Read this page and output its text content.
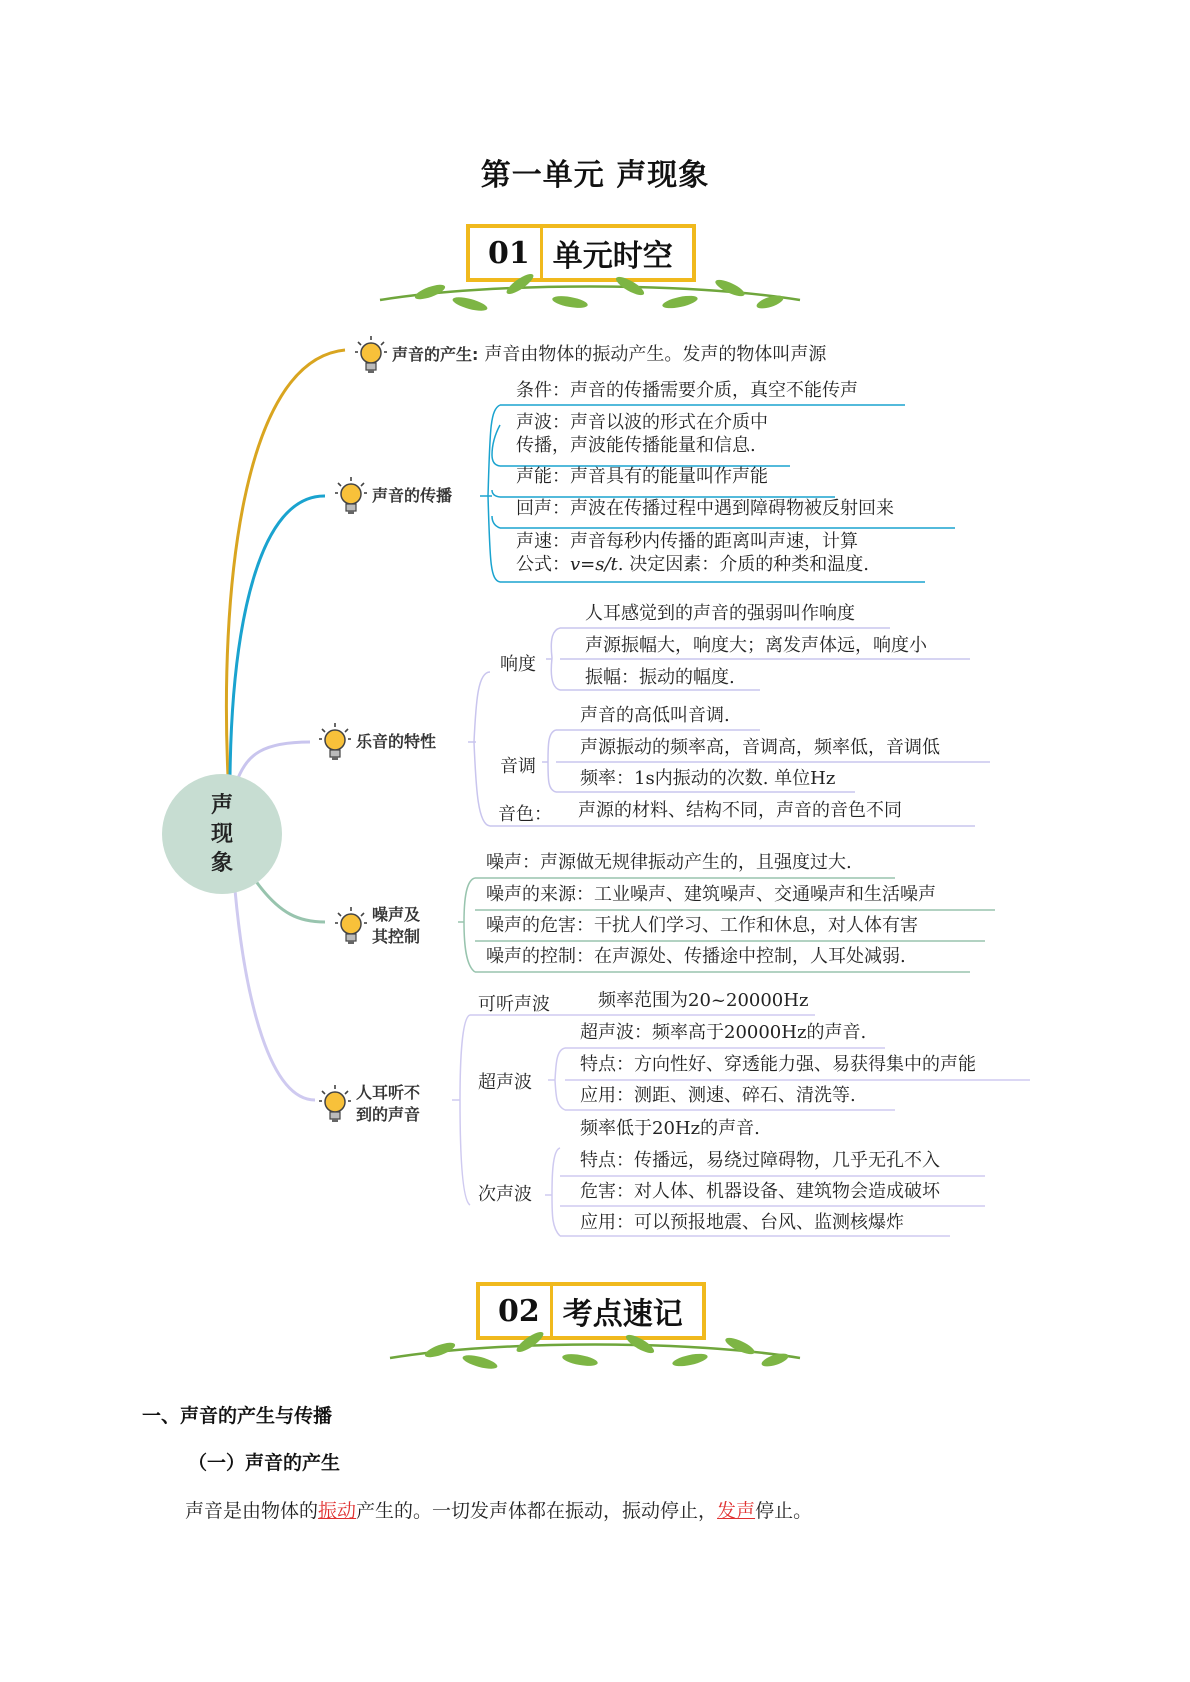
第一单元 声现象
01 单元时空
声
现
象
声音的产生: 声音由物体的振动产生。发声的物体叫声源
声音的传播
条件：声音的传播需要介质，真空不能传声
声波：声音以波的形式在介质中
传播，声波能传播能量和信息.
声能：声音具有的能量叫作声能
回声：声波在传播过程中遇到障碍物被反射回来
声速：声音每秒内传播的距离叫声速，计算
公式：v=s/t. 决定因素：介质的种类和温度.
乐音的特性
响度
人耳感觉到的声音的强弱叫作响度
声源振幅大，响度大；离发声体远，响度小
振幅：振动的幅度.
音调
声音的高低叫音调.
声源振动的频率高，音调高，频率低，音调低
频率：1s内振动的次数. 单位Hz
音色： 声源的材料、结构不同，声音的音色不同
噪声及
其控制
噪声：声源做无规律振动产生的，且强度过大.
噪声的来源：工业噪声、建筑噪声、交通噪声和生活噪声
噪声的危害：干扰人们学习、工作和休息，对人体有害
噪声的控制：在声源处、传播途中控制，人耳处减弱.
人耳听不
到的声音
可听声波	频率范围为20~20000Hz
超声波
超声波：频率高于20000Hz的声音.
特点：方向性好、穿透能力强、易获得集中的声能
应用：测距、测速、碎石、清洗等.
次声波
频率低于20Hz的声音.
特点：传播远，易绕过障碍物，几乎无孔不入
危害：对人体、机器设备、建筑物会造成破坏
应用：可以预报地震、台风、监测核爆炸
02 考点速记
一、声音的产生与传播
（一）声音的产生
声音是由物体的振动产生的。一切发声体都在振动，振动停止，发声停止。
